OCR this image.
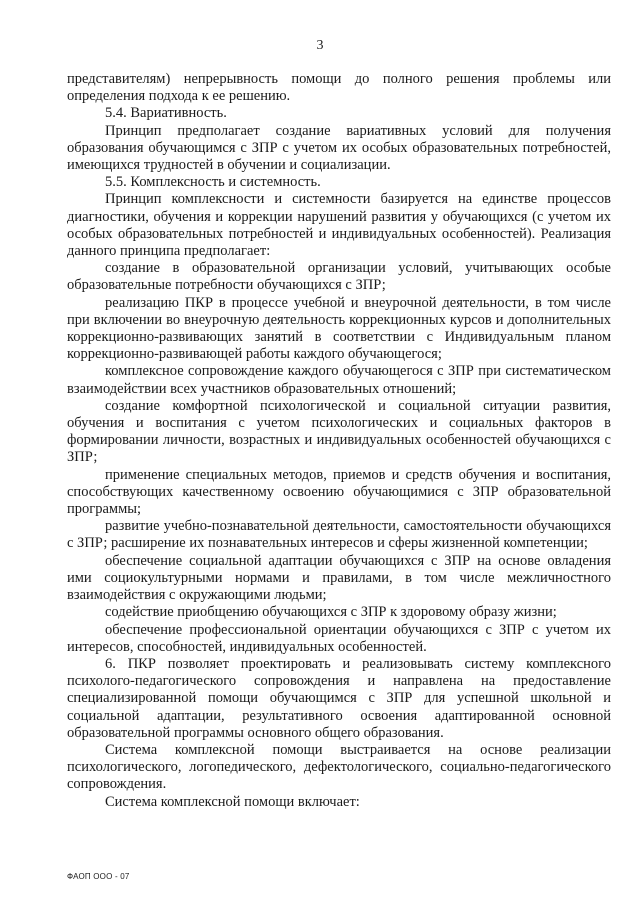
3

представителям) непрерывность помощи до полного решения проблемы или определения подхода к ее решению.

5.4. Вариативность.

Принцип предполагает создание вариативных условий для получения образования обучающимся с ЗПР с учетом их особых образовательных потребностей, имеющихся трудностей в обучении и социализации.

5.5. Комплексность и системность.

Принцип комплексности и системности базируется на единстве процессов диагностики, обучения и коррекции нарушений развития у обучающихся (с учетом их особых образовательных потребностей и индивидуальных особенностей). Реализация данного принципа предполагает:

создание в образовательной организации условий, учитывающих особые образовательные потребности обучающихся с ЗПР;

реализацию ПКР в процессе учебной и внеурочной деятельности, в том числе при включении во внеурочную деятельность коррекционных курсов и дополнительных коррекционно-развивающих занятий в соответствии с Индивидуальным планом коррекционно-развивающей работы каждого обучающегося;

комплексное сопровождение каждого обучающегося с ЗПР при систематическом взаимодействии всех участников образовательных отношений;

создание комфортной психологической и социальной ситуации развития, обучения и воспитания с учетом психологических и социальных факторов в формировании личности, возрастных и индивидуальных особенностей обучающихся с ЗПР;

применение специальных методов, приемов и средств обучения и воспитания, способствующих качественному освоению обучающимися с ЗПР образовательной программы;

развитие учебно-познавательной деятельности, самостоятельности обучающихся с ЗПР; расширение их познавательных интересов и сферы жизненной компетенции;

обеспечение социальной адаптации обучающихся с ЗПР на основе овладения ими социокультурными нормами и правилами, в том числе межличностного взаимодействия с окружающими людьми;

содействие приобщению обучающихся с ЗПР к здоровому образу жизни;

обеспечение профессиональной ориентации обучающихся с ЗПР с учетом их интересов, способностей, индивидуальных особенностей.

6. ПКР позволяет проектировать и реализовывать систему комплексного психолого-педагогического сопровождения и направлена на предоставление специализированной помощи обучающимся с ЗПР для успешной школьной и социальной адаптации, результативного освоения адаптированной основной образовательной программы основного общего образования.

Система комплексной помощи выстраивается на основе реализации психологического, логопедического, дефектологического, социально-педагогического сопровождения.

Система комплексной помощи включает:

ФАОП ООО - 07
